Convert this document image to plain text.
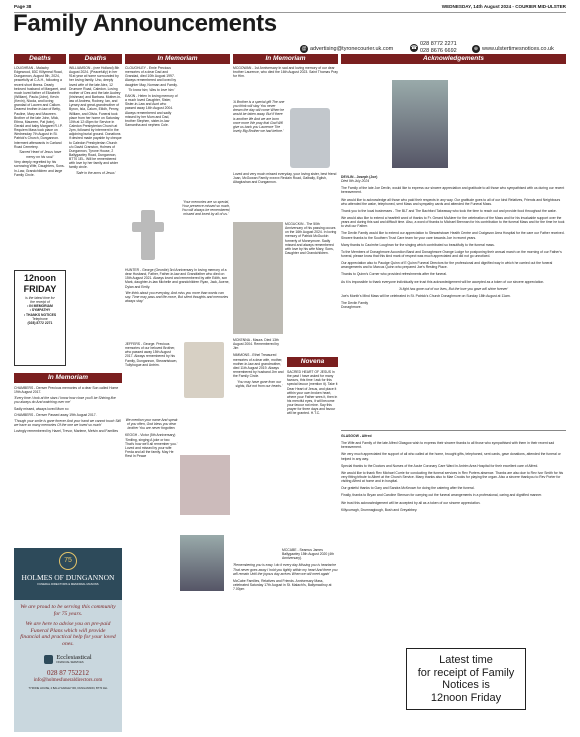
Page 38	WEDNESDAY, 14th August 2024 - COURIER MID-ULSTER
Family Announcements
@ advertising@tyronecourier.uk.com	☎
028 8772 2271
028 8676 6692	⊕ www.ulstertimesnotices.co.uk
Deaths	Deaths	In Memoriam	In Memoriam	Acknowledgements

LOUGHRAN - Malachy Edgewood, 83C Killymeal Road, Dungannon, August 5th, 2024, peacefully at C.A.H., following a recent short illness. Dearly beloved husband of Margaret, and much loved father of Elizabeth (William), Paula (John), Kevin (Kevin), Nicola, and loving grandad of Lauren and Callum. Dearest brother-in-law of Betty, Pauline, Mary and Maureen. Brother of the late John, Mick, Ethna, Maureen, Pat (twin), Gerald and baby Margaret R.I.P. Requiem Mass took place on Wednesday 7th August in St. Patrick's Church, Dungannon. Interment afterwards in Carland Road Cemetery.

'Sacred Heart of Jesus have mercy on his soul.'

Very deeply regretted by his sorrowing Wife, Daughters, Sons-In-Law, Grandchildren and large Family Circle.

12noon
FRIDAY
is the latest time for
the receipt of
• IN MEMORIAM
• SYMPATHY
• THANKS NOTICES
Telephone
(028) 8772 2271

WILLIAMSON - (nee Holland) 8th August 2024. (Peacefully) in her 91st year at home surrounded by her loving family. Uno, deeply loved wife of the late Alex, 12 Drumore Road, Caledon. Loving mother of Des and the late Audrey (Irishman) and Barbara. Mother-in-law of Andrew, Rodney, Ian, and Lynsey and great-grandmother of Byron, Isla, Calum, Eilidh, Penny, William, and Olivia. Funeral took place from her home on Saturday 10th at 12:45pm for Service in Caledon Presbyterian Church at 2pm, followed by interment in the adjoining burial ground. Donations if desired made payable by cheque to Caledon Presbyterian Church c/o David Cranston, Holmes of Dungannon, Tyrone House, 2 Ballygawley Road, Dungannon, BT70 1EL. Will be remembered with love by her family and wider family circle.

'Safe in the arms of Jesus'

In Memoriam

CHAMBERS - Denver Precious memories of a dear Son called Home 19th August 2017.

'Every time I look at the stars I know how close you'll be Shining like you always do And watching over me'

Sadly missed, always loved Mum xo

CHAMBERS - Denver Passed away 19th August 2017.

'Though your smile is gone forever And your hand we cannot touch Still we have so many memories Of the one we loved so much'

Lovingly remembered by Hazel, Trevor, Marlene, Melvin and Families

75
HOLMES OF DUNGANNON
FUNERAL DIRECTORS & MEMORIAL MASONS

We are proud to be serving this community for 75 years.

We are here to advise you on pre-paid Funeral Plans which will provide financial and practical help for your loved ones.

Ecclesiastical
FINANCIAL SERVICES
028 87 752212
info@holmesfuneraldirectors.com
TYRONE HOUSE, 2 BALLYGAWLEY RD, DUNGANNON, BT70 1EL

CLOUGHLEY - Ernie Precious memories of a dear Dad and Grandad, died 10th August 1997. Always remembered and loved by daughter May, Norman and Family.

'To know him, Was to love him.'

EAKIN - Helen In loving memory of a much loved Daughter, Sister, Sister-in-Law and Aunt who passed away 14th August 2004. Always remembered and sadly missed by her Mum and Dad, brother Stephen, sister-in-law Samantha and nephew Cole.

'Your memories are so special, Your presence missed so much, You will always be remembered, missed and loved by all of us.'

HUNTER - George (Geordie) 3rd Anniversary In loving memory of a dear Husband, Father, Father-in-law and Grandfather who died on 15th August 2021. Always loved and remembered by wife Edith, son Mark, daughter-in-law Michelle and grandchildren Ryan, Jack, Aoene, Dylan and Emily.

'We think about you everyday, And miss you more than words can say. Time may pass and life move, But silent thoughts and memories always stay.'

JEFFERS - George. Precious memories of our beloved Brother, who passed away 15th August 2017. Always remembered by his Family, Dungannon, Stewartstown, Tullyhogue and Antrim.

We mention your name And speak of you often, God bless you dear brother You are never forgotten.

KEOGH - Victor (5th Anniversary) 'Smiling, singing A joke or two That's how we'll all remember you.' Loved and missed by your wife Freda and all the family. May He Rest In Peace

MCGOWAN - 1st Anniversary In sad and loving memory of our dear brother Laurence, who died the 16th August 2023. Saint Thomas Pray for Him.

'A Brother is a special gift The one you think will stay You never dream the day will come When he would be taken away. But if there is another life And we are born once more We pray that God Will give us back you Laurence The lovely Big Brother we had before.'

Loved and very much missed everyday, your loving sister, best friend Joan, McGowan Family xxxxxx Reclain Road, Galbally, Eglish, Altaglushan and Dungannon.

MCGUCKIN - The 50th Anniversary of his passing occurs on the 16th August 2024. In loving memory of Patrick McGuckin formerly of Moneymore. Sadly missed and always remembered with love by his wife Mary, Sons, Daughter and Grandchildren.

MCKENNA - Maura. Died 13th August 2004. Remembered by Jim

NIMMONS - Ethel Treasured memories of a dear wife, mother, mother-in-law and grandmother, died 11th August 2019. Always remembered by husband Jim and the Family Circle.

'You may have gone from our sights, But not from our hearts.'

Novena

SACRED HEART OF JESUS In the past I have asked for many favours, this time I ask for this special favour (mention it). Take it Dear Heart of Jesus, and place it within your own broken heart, where your Father sees it, then in his merciful eyes, it will become your favour not mine. Say this prayer for three days and favour will be granted. H.T.C.

MCCABE - Seamus James Ballygawley 15th August 2020 (4th Anniversary).

'Remembering you is easy I do it every day Missing you is heartache That never goes away I hold you tightly within my heart And there you will remain Until the joyous day arrives When we will meet again'

McCabe Families, Relatives and Friends. Anniversary Mass, celebrated Saturday 17th August in St. Malachi's, Ballymacilroy at 7.00pm

DEVLIN - Joseph (Joe)

Died 9th July 2024

The Family of the late Joe Devlin, would like to express our sincere appreciation and gratitude to all those who sympathised with us during our recent bereavement.

We would like to acknowledge all those who paid their respects in any way. Our gratitude goes to all of our kind Relatives, Friends and Neighbours who attended the wake, telephoned, sent Mass and sympathy cards and attended the Funeral Mass.

Thank you to the local businesses - The BLT and The Bachford Takeaway who took the time to reach out and provide food throughout the wake.

We would also like to extend a heartfelt word of thanks to Fr. Gerard McAleer for the celebration of the Mass and for his invaluable support over the years and during this sad and difficult time. Also, a word of thanks to Michael Brennan for his contribution to the funeral Mass and for the time he took to visit our Father.

The Devlin Family would like to extend our appreciation to Stewartstown Health Centre and Craigavon Area Hospital for the care our Father received. Sincere thanks to the Southern Trust Care team for your care towards Joe in recent years.

Many thanks to Caoimhe Loughran for the singing which contributed so beautifully to the funeral mass.

To the Members of Donaghmore Accordion Band and Donaghmore Orange Lodge for postponing their annual march on the morning of our Father's funeral, please know that this kind mark of respect was much appreciated and did not go unnoticed.

Our appreciation also to Paudge Quinn of E Quinn Funeral Directors for the professional and dignified way in which he carried out the funeral arrangements and to Marcus Quinn who prepared Joe's Resting Place.

Thanks to Quinn's Corner who provided refreshments after the funeral.

As it is impossible to thank everyone individually we trust this acknowledgement will be accepted as a token of our sincere appreciation.

'A light has gone out of our lives, But the love you gave will shine forever'

Joe's Month's Mind Mass will be celebrated in St. Patrick's Church Donaghmore on Sunday 18th August at 11am.

The Devlin Family

Donaghmore.

GLASGOW - Alfred

The Wife and Family of the late Alfred Glasgow wish to express their sincere thanks to all those who sympathised with them in their recent sad bereavement.

We very much appreciated the support of all who called at the home, brought gifts, telephoned, sent cards, gave donations, attended the funeral or helped in any way.

Special thanks to the Doctors and Nurses of the Acute Coronary Care Ward in Antrim Area Hospital for their excellent care of Alfred.

We would like to thank Rev Michael Currie for conducting the funeral services in Rev Porters absence. Thanks are also due to Rev Ivor Smith for his very fitting tribute to Albert at the Church Service. Many thanks also to Mae Crooks for playing the organ. Also a sincere thankyou to Rev Porter for visiting Alfred at home and in hospital.

Our grateful thanks to Gary and Sandra McKeown for doing the catering after the funeral.

Finally, thanks to Bryan and Caroline Stenson for carrying out the funeral arrangements in a professional, caring and dignified manner.

We trust this acknowledgement will be accepted by all as a token of our sincere appreciation.

Killycurragh, Drumnaglough, Bush and Greyabbey.

Latest time
for receipt of Family
Notices is
12noon Friday
